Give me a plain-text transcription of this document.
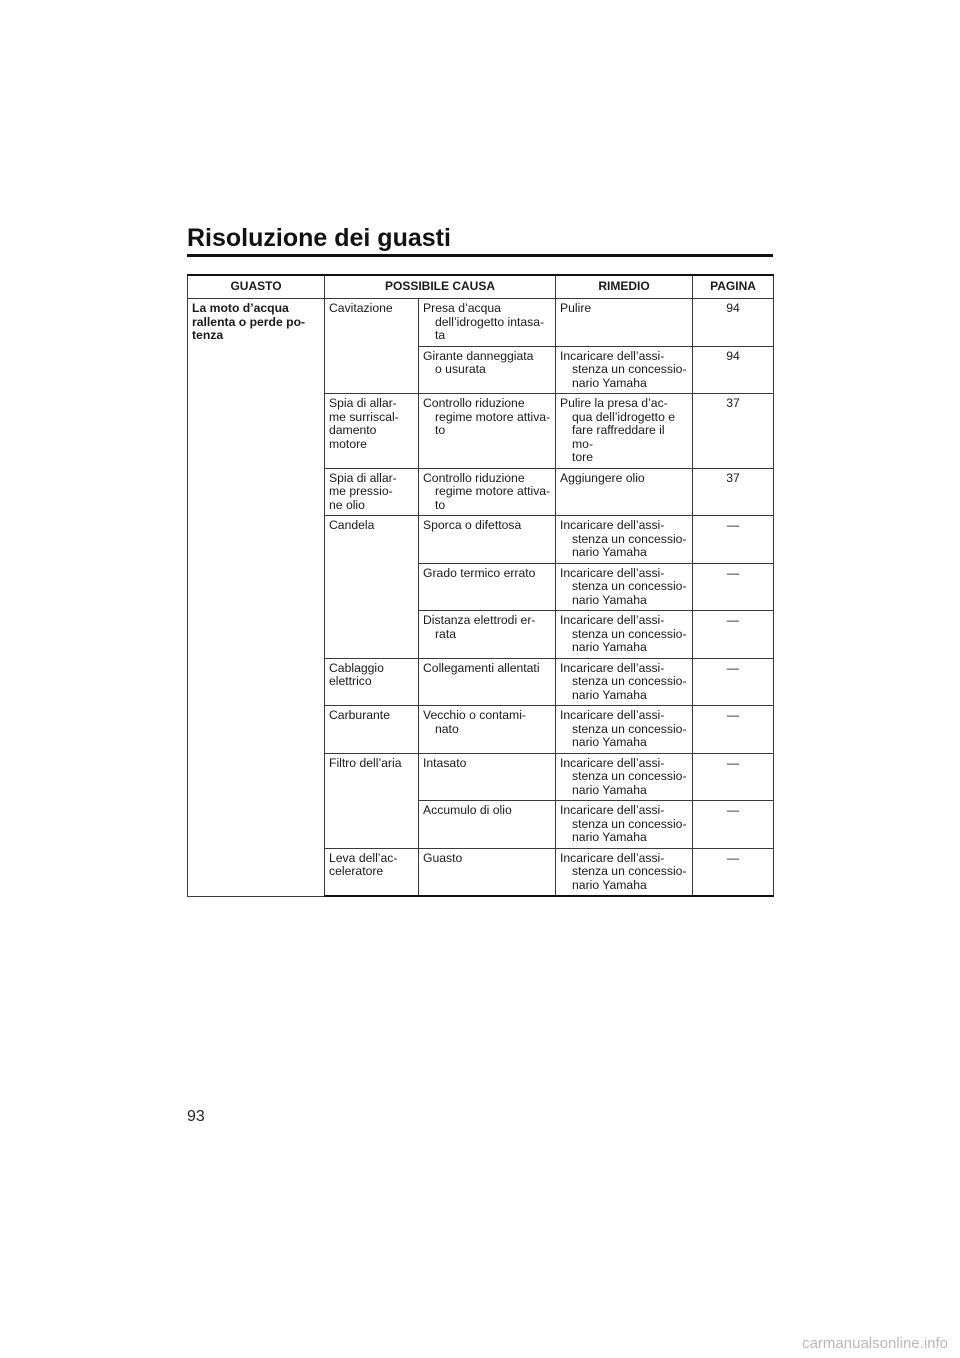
Risoluzione dei guasti
GUASTO	POSSIBILE CAUSA		RIMEDIO	PAGINA

La moto d’acqua
rallenta o perde po-
tenza	Cavitazione	Presa d’acqua
dell’idrogetto intasa-
ta	Pulire	94

		Girante danneggiata
o usurata	Incaricare dell’assi-
stenza un concessio-
nario Yamaha	94

	Spia di allar-
me surriscal-
damento
motore	Controllo riduzione
regime motore attiva-
to	Pulire la presa d’ac-
qua dell’idrogetto e
fare raffreddare il mo-
tore	37

	Spia di allar-
me pressio-
ne olio	Controllo riduzione
regime motore attiva-
to	Aggiungere olio	37

	Candela	Sporca o difettosa	Incaricare dell’assi-
stenza un concessio-
nario Yamaha	—

		Grado termico errato	Incaricare dell’assi-
stenza un concessio-
nario Yamaha	—

		Distanza elettrodi er-
rata	Incaricare dell’assi-
stenza un concessio-
nario Yamaha	—

	Cablaggio
elettrico	Collegamenti allentati	Incaricare dell’assi-
stenza un concessio-
nario Yamaha	—

	Carburante	Vecchio o contami-
nato	Incaricare dell’assi-
stenza un concessio-
nario Yamaha	—

	Filtro dell’aria	Intasato	Incaricare dell’assi-
stenza un concessio-
nario Yamaha	—

		Accumulo di olio	Incaricare dell’assi-
stenza un concessio-
nario Yamaha	—

	Leva dell’ac-
celeratore	Guasto	Incaricare dell’assi-
stenza un concessio-
nario Yamaha	—
93
carmanualsonline.info
